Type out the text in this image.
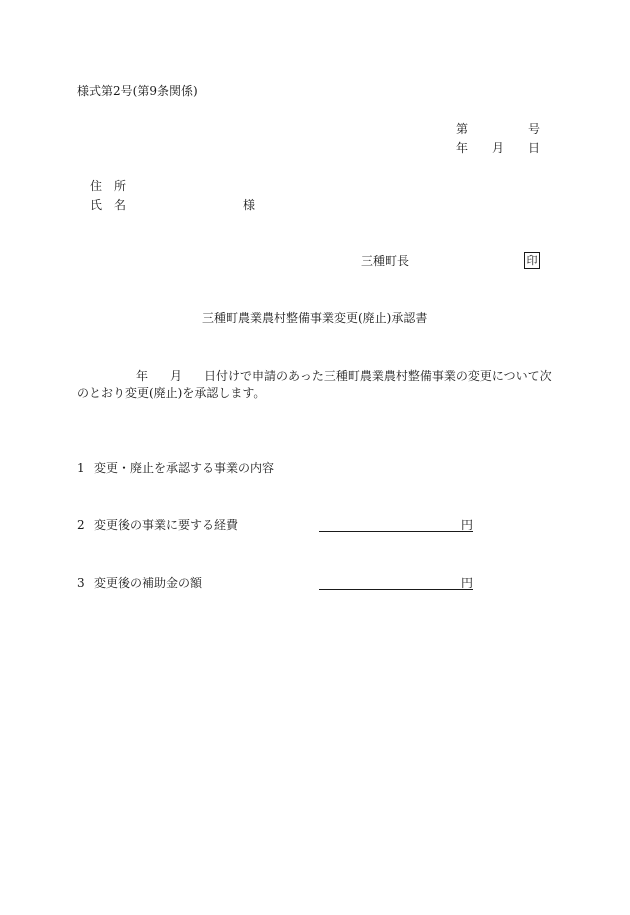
様式第2号(第9条関係)
第	号
年 月 日
住　所
氏　名	様
三種町長	印
三種町農業農村整備事業変更(廃止)承認書
年 月 日付けで申請のあった三種町農業農村整備事業の変更について次
のとおり変更(廃止)を承認します。
1 変更・廃止を承認する事業の内容
2 変更後の事業に要する経費	円
3 変更後の補助金の額	円
